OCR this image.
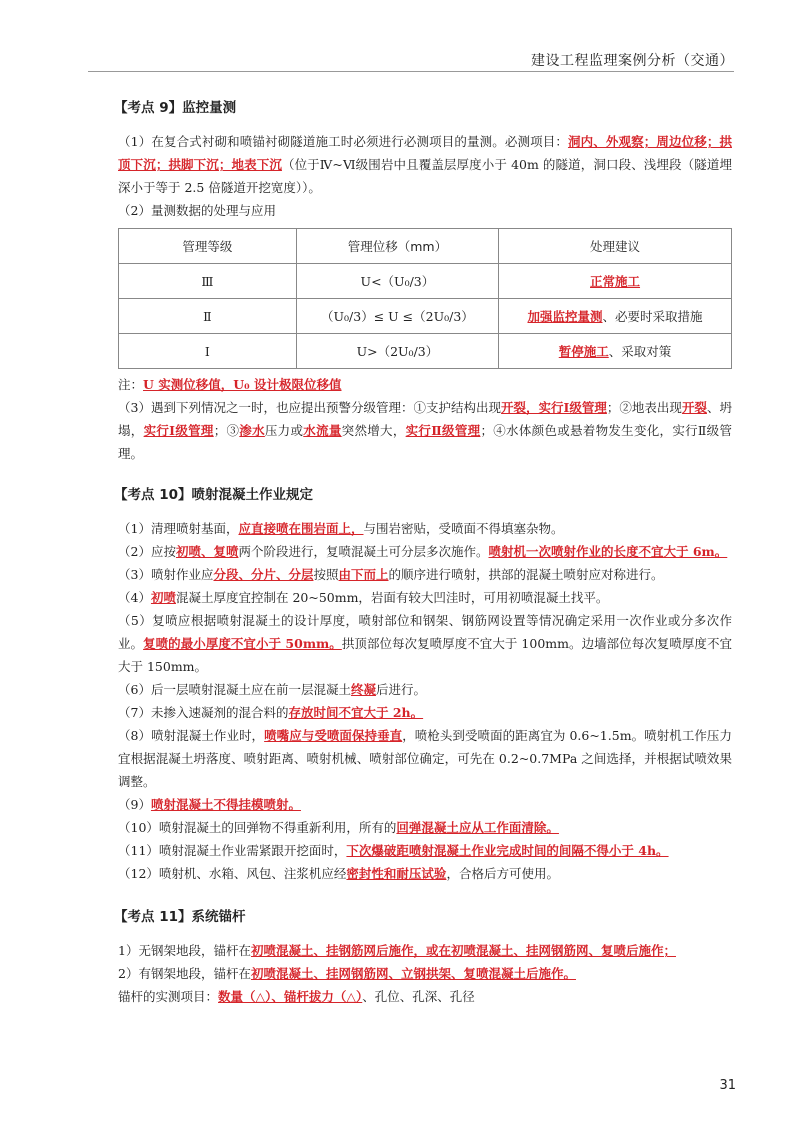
建设工程监理案例分析（交通）
【考点 9】监控量测

（1）在复合式衬砌和喷锚衬砌隧道施工时必须进行必测项目的量测。必测项目：洞内、外观察；周边位移；拱顶下沉；拱脚下沉；地表下沉（位于Ⅳ~Ⅵ级围岩中且覆盖层厚度小于 40m 的隧道，洞口段、浅埋段（隧道埋深小于等于 2.5 倍隧道开挖宽度））。

（2）量测数据的处理与应用

管理等级	管理位移（mm）	处理建议
Ⅲ	U<（U₀/3）	正常施工
Ⅱ	（U₀/3）≤ U ≤（2U₀/3）	加强监控量测、必要时采取措施
Ⅰ	U>（2U₀/3）	暂停施工、采取对策

注：U 实测位移值，U₀ 设计极限位移值

（3）遇到下列情况之一时，也应提出预警分级管理：①支护结构出现开裂，实行Ⅰ级管理；②地表出现开裂、坍塌，实行Ⅰ级管理；③渗水压力或水流量突然增大，实行Ⅱ级管理；④水体颜色或悬着物发生变化，实行Ⅱ级管理。

【考点 10】喷射混凝土作业规定

（1）清理喷射基面，应直接喷在围岩面上，与围岩密贴，受喷面不得填塞杂物。

（2）应按初喷、复喷两个阶段进行，复喷混凝土可分层多次施作。喷射机一次喷射作业的长度不宜大于 6m。

（3）喷射作业应分段、分片、分层按照由下而上的顺序进行喷射，拱部的混凝土喷射应对称进行。

（4）初喷混凝土厚度宜控制在 20~50mm，岩面有较大凹洼时，可用初喷混凝土找平。

（5）复喷应根据喷射混凝土的设计厚度，喷射部位和钢架、钢筋网设置等情况确定采用一次作业或分多次作业。复喷的最小厚度不宜小于 50mm。拱顶部位每次复喷厚度不宜大于 100mm。边墙部位每次复喷厚度不宜大于 150mm。

（6）后一层喷射混凝土应在前一层混凝土终凝后进行。

（7）未掺入速凝剂的混合料的存放时间不宜大于 2h。

（8）喷射混凝土作业时，喷嘴应与受喷面保持垂直，喷枪头到受喷面的距离宜为 0.6~1.5m。喷射机工作压力宜根据混凝土坍落度、喷射距离、喷射机械、喷射部位确定，可先在 0.2~0.7MPa 之间选择，并根据试喷效果调整。

（9）喷射混凝土不得挂模喷射。

（10）喷射混凝土的回弹物不得重新利用，所有的回弹混凝土应从工作面清除。

（11）喷射混凝土作业需紧跟开挖面时，下次爆破距喷射混凝土作业完成时间的间隔不得小于 4h。

（12）喷射机、水箱、风包、注浆机应经密封性和耐压试验，合格后方可使用。

【考点 11】系统锚杆

1）无钢架地段，锚杆在初喷混凝土、挂钢筋网后施作，或在初喷混凝土、挂网钢筋网、复喷后施作；

2）有钢架地段，锚杆在初喷混凝土、挂网钢筋网、立钢拱架、复喷混凝土后施作。

锚杆的实测项目：数量（△）、锚杆拔力（△）、孔位、孔深、孔径

31
